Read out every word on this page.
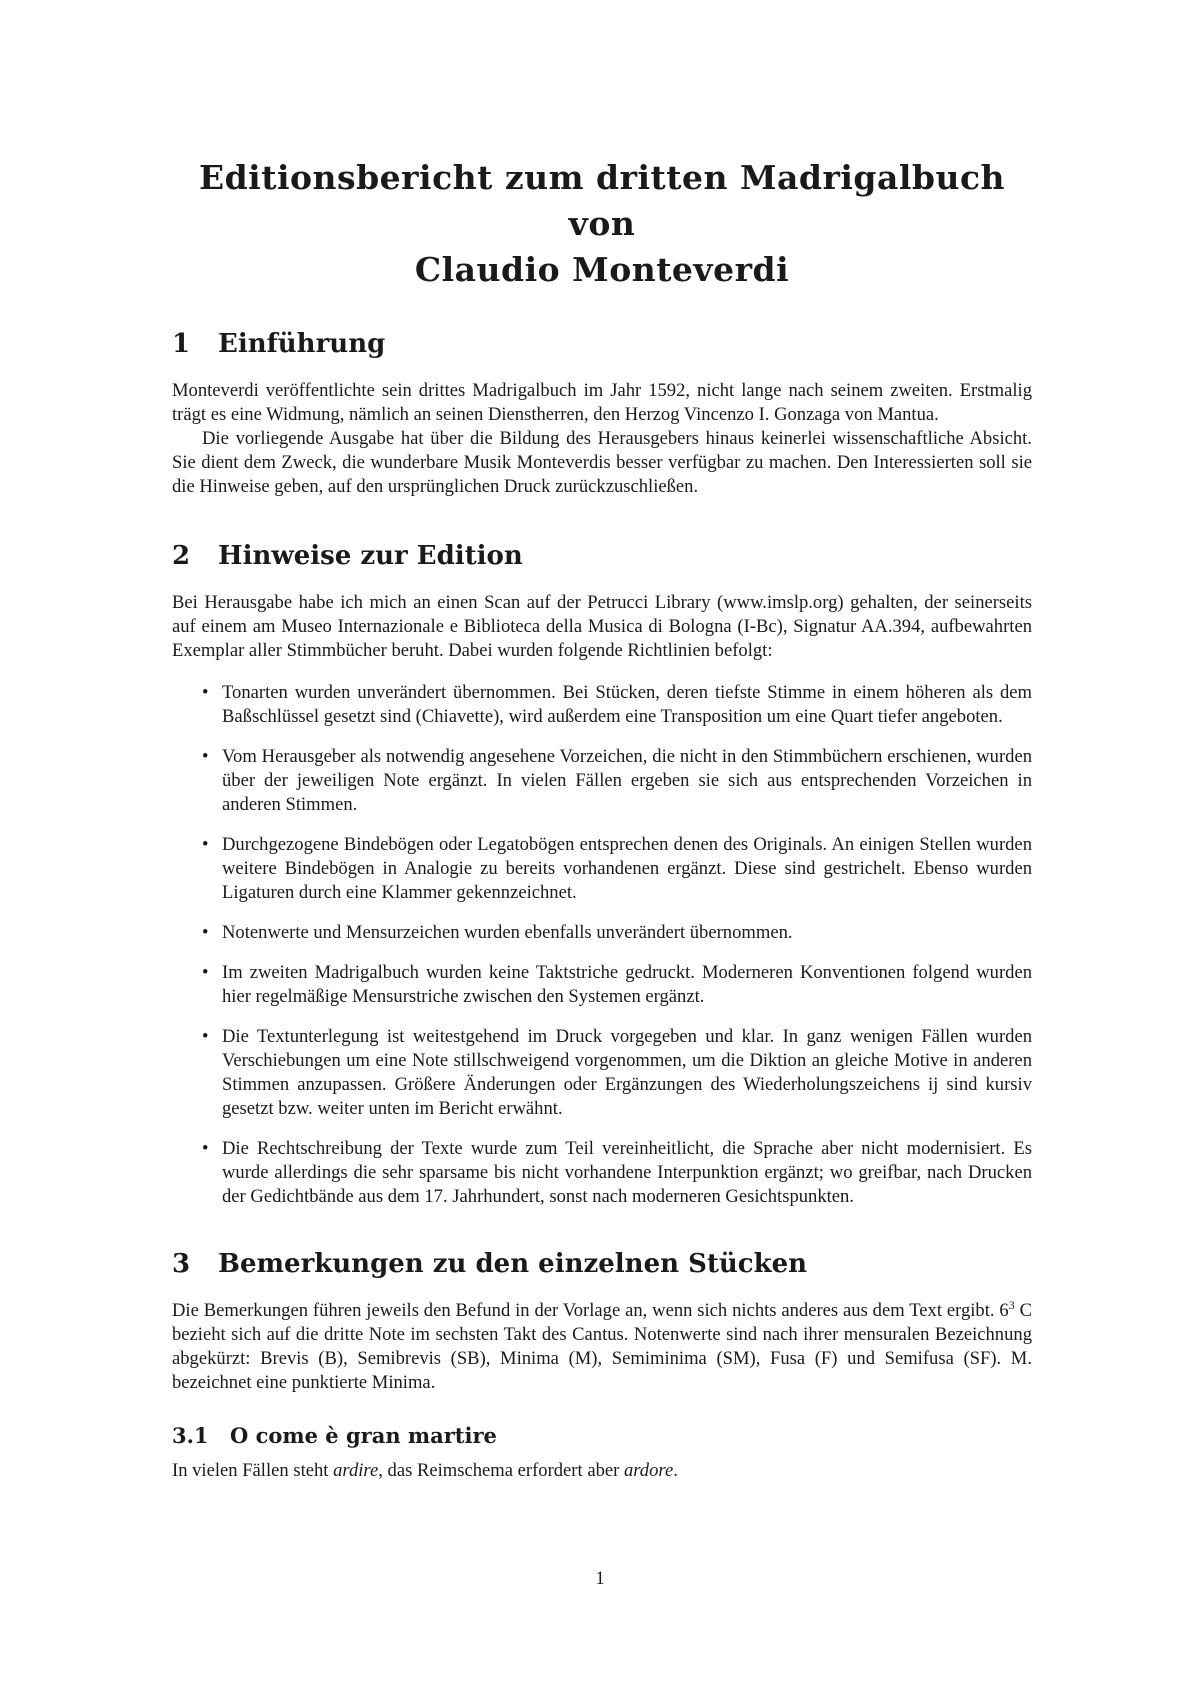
Editionsbericht zum dritten Madrigalbuch von
Claudio Monteverdi
1 Einführung

Monteverdi veröffentlichte sein drittes Madrigalbuch im Jahr 1592, nicht lange nach seinem zweiten. Erstmalig trägt es eine Widmung, nämlich an seinen Dienstherren, den Herzog Vincenzo I. Gonzaga von Mantua.

Die vorliegende Ausgabe hat über die Bildung des Herausgebers hinaus keinerlei wissenschaftliche Absicht. Sie dient dem Zweck, die wunderbare Musik Monteverdis besser verfügbar zu machen. Den Interessierten soll sie die Hinweise geben, auf den ursprünglichen Druck zurückzuschließen.

2 Hinweise zur Edition

Bei Herausgabe habe ich mich an einen Scan auf der Petrucci Library (www.imslp.org) gehalten, der seinerseits auf einem am Museo Internazionale e Biblioteca della Musica di Bologna (I-Bc), Signatur AA.394, aufbewahrten Exemplar aller Stimmbücher beruht. Dabei wurden folgende Richtlinien befolgt:

• Tonarten wurden unverändert übernommen. Bei Stücken, deren tiefste Stimme in einem höheren als dem Baßschlüssel gesetzt sind (Chiavette), wird außerdem eine Transposition um eine Quart tiefer angeboten.
• Vom Herausgeber als notwendig angesehene Vorzeichen, die nicht in den Stimmbüchern erschienen, wurden über der jeweiligen Note ergänzt. In vielen Fällen ergeben sie sich aus entsprechenden Vorzeichen in anderen Stimmen.
• Durchgezogene Bindebögen oder Legatobögen entsprechen denen des Originals. An einigen Stellen wurden weitere Bindebögen in Analogie zu bereits vorhandenen ergänzt. Diese sind gestrichelt. Ebenso wurden Ligaturen durch eine Klammer gekennzeichnet.
• Notenwerte und Mensurzeichen wurden ebenfalls unverändert übernommen.
• Im zweiten Madrigalbuch wurden keine Taktstriche gedruckt. Moderneren Konventionen folgend wurden hier regelmäßige Mensurstriche zwischen den Systemen ergänzt.
• Die Textunterlegung ist weitestgehend im Druck vorgegeben und klar. In ganz wenigen Fällen wurden Verschiebungen um eine Note stillschweigend vorgenommen, um die Diktion an gleiche Motive in anderen Stimmen anzupassen. Größere Änderungen oder Ergänzungen des Wiederholungszeichens ij sind kursiv gesetzt bzw. weiter unten im Bericht erwähnt.
• Die Rechtschreibung der Texte wurde zum Teil vereinheitlicht, die Sprache aber nicht modernisiert. Es wurde allerdings die sehr sparsame bis nicht vorhandene Interpunktion ergänzt; wo greifbar, nach Drucken der Gedichtbände aus dem 17. Jahrhundert, sonst nach moderneren Gesichtspunkten.
3 Bemerkungen zu den einzelnen Stücken

Die Bemerkungen führen jeweils den Befund in der Vorlage an, wenn sich nichts anderes aus dem Text ergibt. $6^3$ C bezieht sich auf die dritte Note im sechsten Takt des Cantus. Notenwerte sind nach ihrer mensuralen Bezeichnung abgekürzt: Brevis (B), Semibrevis (SB), Minima (M), Semiminima (SM), Fusa (F) und Semifusa (SF). M. bezeichnet eine punktierte Minima.

3.1 O come è gran martire

In vielen Fällen steht ardire, das Reimschema erfordert aber ardore.

1
